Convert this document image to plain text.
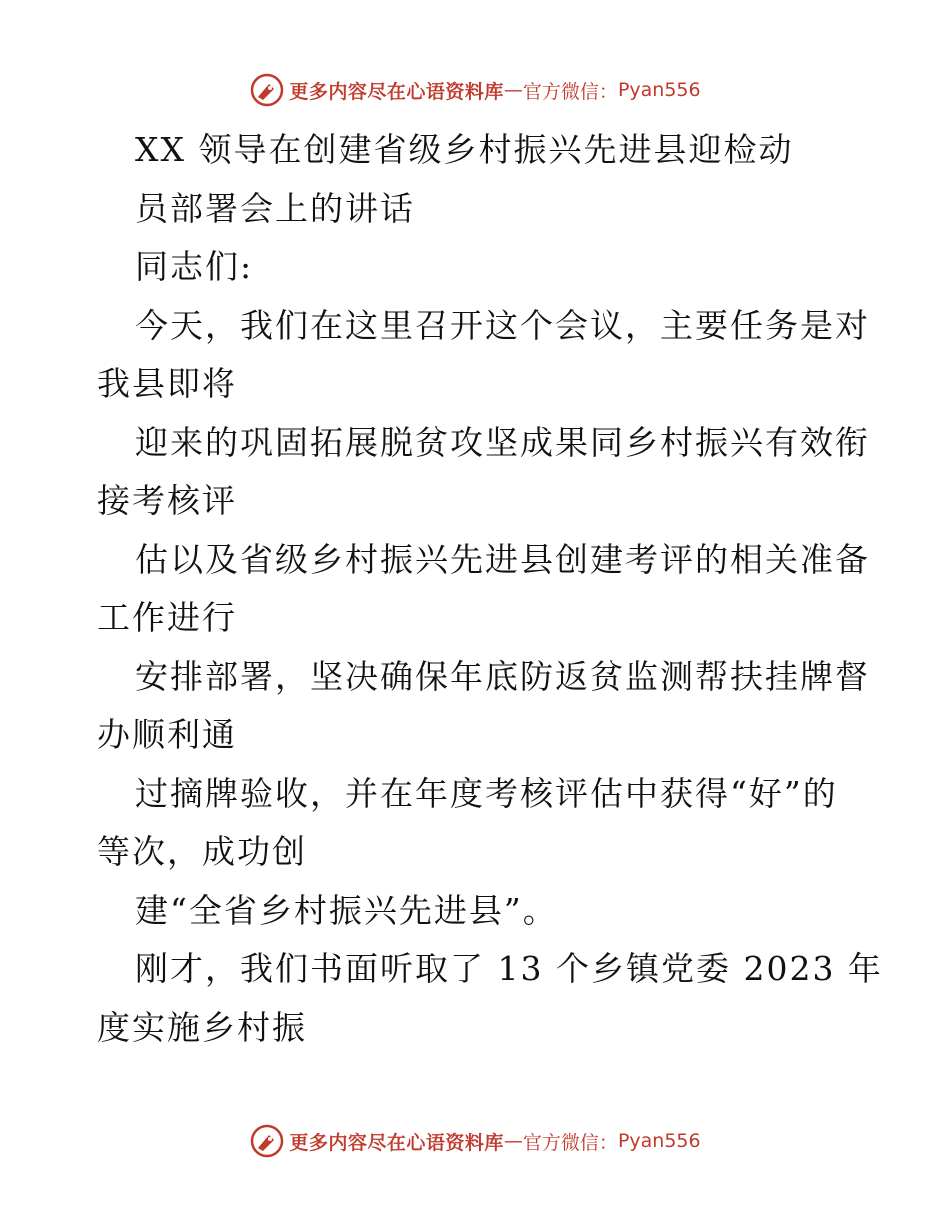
更多内容尽在心语资料库 — 官方微信： Pyan556
XX 领导在创建省级乡村振兴先进县迎检动
员部署会上的讲话
同志们:
今天，我们在这里召开这个会议，主要任务是对
我县即将
迎来的巩固拓展脱贫攻坚成果同乡村振兴有效衔
接考核评
估以及省级乡村振兴先进县创建考评的相关准备
工作进行
安排部署，坚决确保年底防返贫监测帮扶挂牌督
办顺利通
过摘牌验收，并在年度考核评估中获得“好”的
等次，成功创
建“全省乡村振兴先进县”。
刚才，我们书面听取了 13 个乡镇党委 2023 年
度实施乡村振
更多内容尽在心语资料库 — 官方微信： Pyan556
